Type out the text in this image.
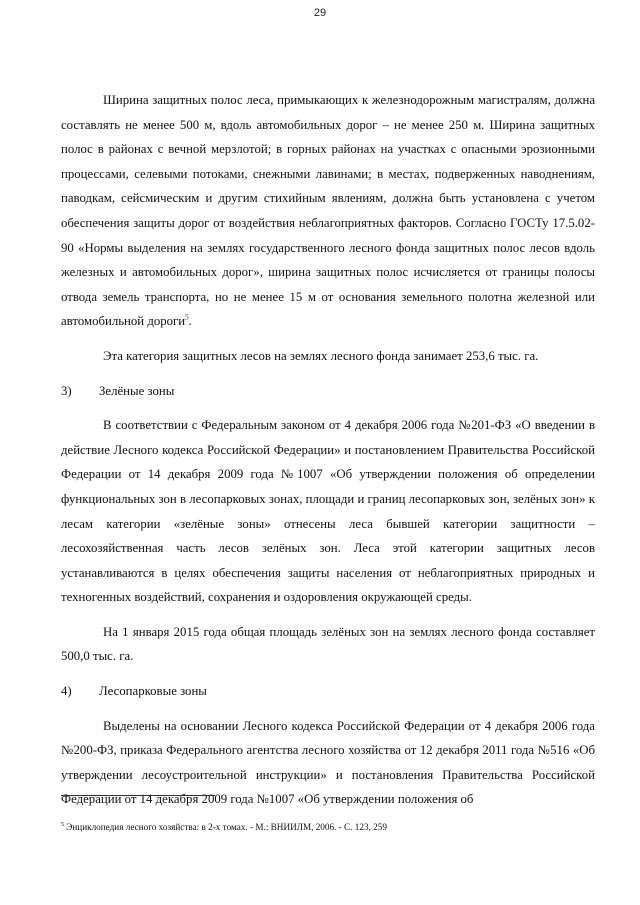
29

Ширина защитных полос леса, примыкающих к железнодорожным магистралям, должна составлять не менее 500 м, вдоль автомобильных дорог – не менее 250 м. Ширина защитных полос в районах с вечной мерзлотой; в горных районах на участках с опасными эрозионными процессами, селевыми потоками, снежными лавинами; в местах, подверженных наводнениям, паводкам, сейсмическим и другим стихийным явлениям, должна быть установлена с учетом обеспечения защиты дорог от воздействия неблагоприятных факторов. Согласно ГОСТу 17.5.02-90 «Нормы выделения на землях государственного лесного фонда защитных полос лесов вдоль железных и автомобильных дорог», ширина защитных полос исчисляется от границы полосы отвода земель транспорта, но не менее 15 м от основания земельного полотна железной или автомобильной дороги$^5$.

Эта категория защитных лесов на землях лесного фонда занимает 253,6 тыс. га.

3)	Зелёные зоны

В соответствии с Федеральным законом от 4 декабря 2006 года №201-ФЗ «О введении в действие Лесного кодекса Российской Федерации» и постановлением Правительства Российской Федерации от 14 декабря 2009 года №1007 «Об утверждении положения об определении функциональных зон в лесопарковых зонах, площади и границ лесопарковых зон, зелёных зон» к лесам категории «зелёные зоны» отнесены леса бывшей категории защитности – лесохозяйственная часть лесов зелёных зон. Леса этой категории защитных лесов устанавливаются в целях обеспечения защиты населения от неблагоприятных природных и техногенных воздействий, сохранения и оздоровления окружающей среды.

На 1 января 2015 года общая площадь зелёных зон на землях лесного фонда составляет 500,0 тыс. га.

4)	Лесопарковые зоны

Выделены на основании Лесного кодекса Российской Федерации от 4 декабря 2006 года №200-ФЗ, приказа Федерального агентства лесного хозяйства от 12 декабря 2011 года №516 «Об утверждении лесоустроительной инструкции» и постановления Правительства Российской Федерации от 14 декабря 2009 года №1007 «Об утверждении положения об

$^5$ Энциклопедия лесного хозяйства: в 2-х томах. - М.: ВНИИЛМ, 2006. - С. 123, 259
